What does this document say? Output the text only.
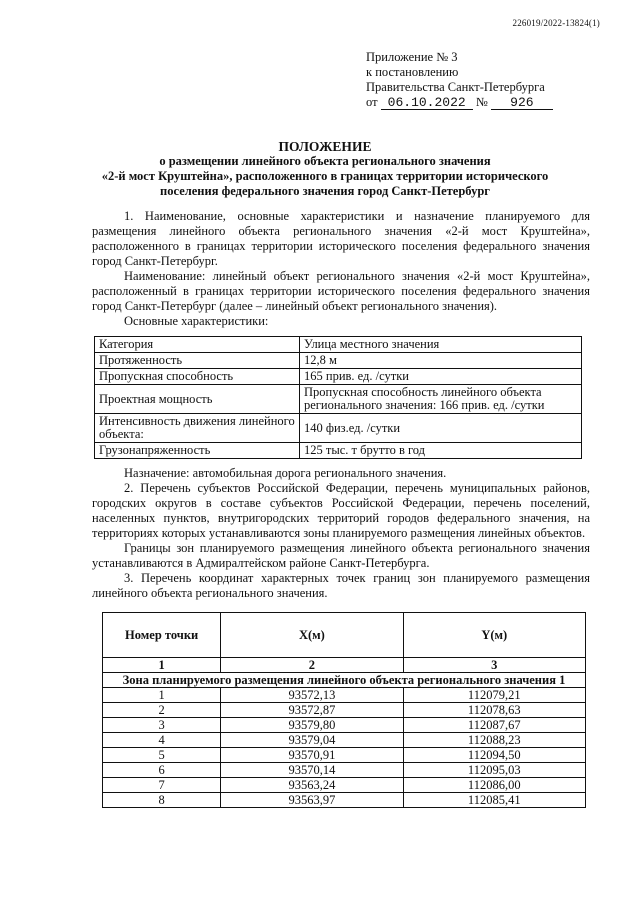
226019/2022-13824(1)
Приложение № 3
к постановлению
Правительства Санкт-Петербурга
от 06.10.2022 № 926
ПОЛОЖЕНИЕ
о размещении линейного объекта регионального значения
«2-й мост Круштейна», расположенного в границах территории исторического
поселения федерального значения город Санкт-Петербург

1. Наименование, основные характеристики и назначение планируемого для размещения линейного объекта регионального значения «2-й мост Круштейна», расположенного в границах территории исторического поселения федерального значения город Санкт-Петербург.

Наименование: линейный объект регионального значения «2-й мост Круштейна», расположенный в границах территории исторического поселения федерального значения город Санкт-Петербург (далее – линейный объект регионального значения).

Основные характеристики:

Категория	Улица местного значения
Протяженность	12,8 м
Пропускная способность	165 прив. ед. /сутки
Проектная мощность	Пропускная способность линейного объекта регионального значения: 166 прив. ед. /сутки
Интенсивность движения линейного объекта:	140 физ.ед. /сутки
Грузонапряженность	125 тыс. т брутто в год

Назначение: автомобильная дорога регионального значения.

2. Перечень субъектов Российской Федерации, перечень муниципальных районов, городских округов в составе субъектов Российской Федерации, перечень поселений, населенных пунктов, внутригородских территорий городов федерального значения, на территориях которых устанавливаются зоны планируемого размещения линейных объектов.

Границы зон планируемого размещения линейного объекта регионального значения устанавливаются в Адмиралтейском районе Санкт-Петербурга.

3. Перечень координат характерных точек границ зон планируемого размещения линейного объекта регионального значения.

Номер точки	X(м)	Y(м)
1	2	3
Зона планируемого размещения линейного объекта регионального значения 1		
1	93572,13	112079,21
2	93572,87	112078,63
3	93579,80	112087,67
4	93579,04	112088,23
5	93570,91	112094,50
6	93570,14	112095,03
7	93563,24	112086,00
8	93563,97	112085,41
